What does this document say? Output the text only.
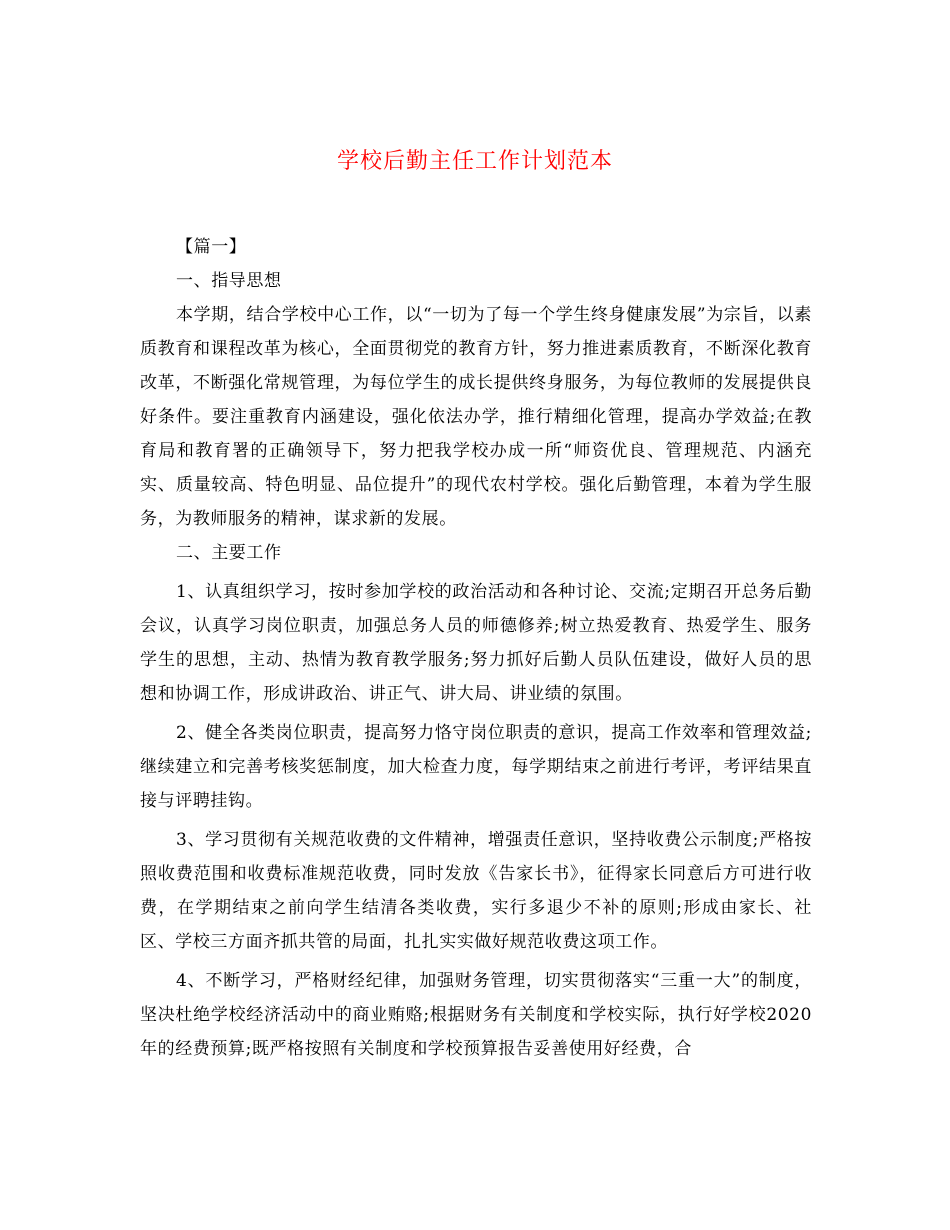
学校后勤主任工作计划范本

【篇一】

一、指导思想

本学期，结合学校中心工作，以“一切为了每一个学生终身健康发展”为宗旨，以素质教育和课程改革为核心，全面贯彻党的教育方针，努力推进素质教育，不断深化教育改革，不断强化常规管理，为每位学生的成长提供终身服务，为每位教师的发展提供良好条件。要注重教育内涵建设，强化依法办学，推行精细化管理，提高办学效益;在教育局和教育署的正确领导下，努力把我学校办成一所“师资优良、管理规范、内涵充实、质量较高、特色明显、品位提升”的现代农村学校。强化后勤管理，本着为学生服务，为教师服务的精神，谋求新的发展。

二、主要工作

1、认真组织学习，按时参加学校的政治活动和各种讨论、交流;定期召开总务后勤会议，认真学习岗位职责，加强总务人员的师德修养;树立热爱教育、热爱学生、服务学生的思想，主动、热情为教育教学服务;努力抓好后勤人员队伍建设，做好人员的思想和协调工作，形成讲政治、讲正气、讲大局、讲业绩的氛围。

2、健全各类岗位职责，提高努力恪守岗位职责的意识，提高工作效率和管理效益;继续建立和完善考核奖惩制度，加大检查力度，每学期结束之前进行考评，考评结果直接与评聘挂钩。

3、学习贯彻有关规范收费的文件精神，增强责任意识，坚持收费公示制度;严格按照收费范围和收费标准规范收费，同时发放《告家长书》，征得家长同意后方可进行收费，在学期结束之前向学生结清各类收费，实行多退少不补的原则;形成由家长、社区、学校三方面齐抓共管的局面，扎扎实实做好规范收费这项工作。

4、不断学习，严格财经纪律，加强财务管理，切实贯彻落实“三重一大”的制度，坚决杜绝学校经济活动中的商业贿赂;根据财务有关制度和学校实际，执行好学校2020年的经费预算;既严格按照有关制度和学校预算报告妥善使用好经费，合
